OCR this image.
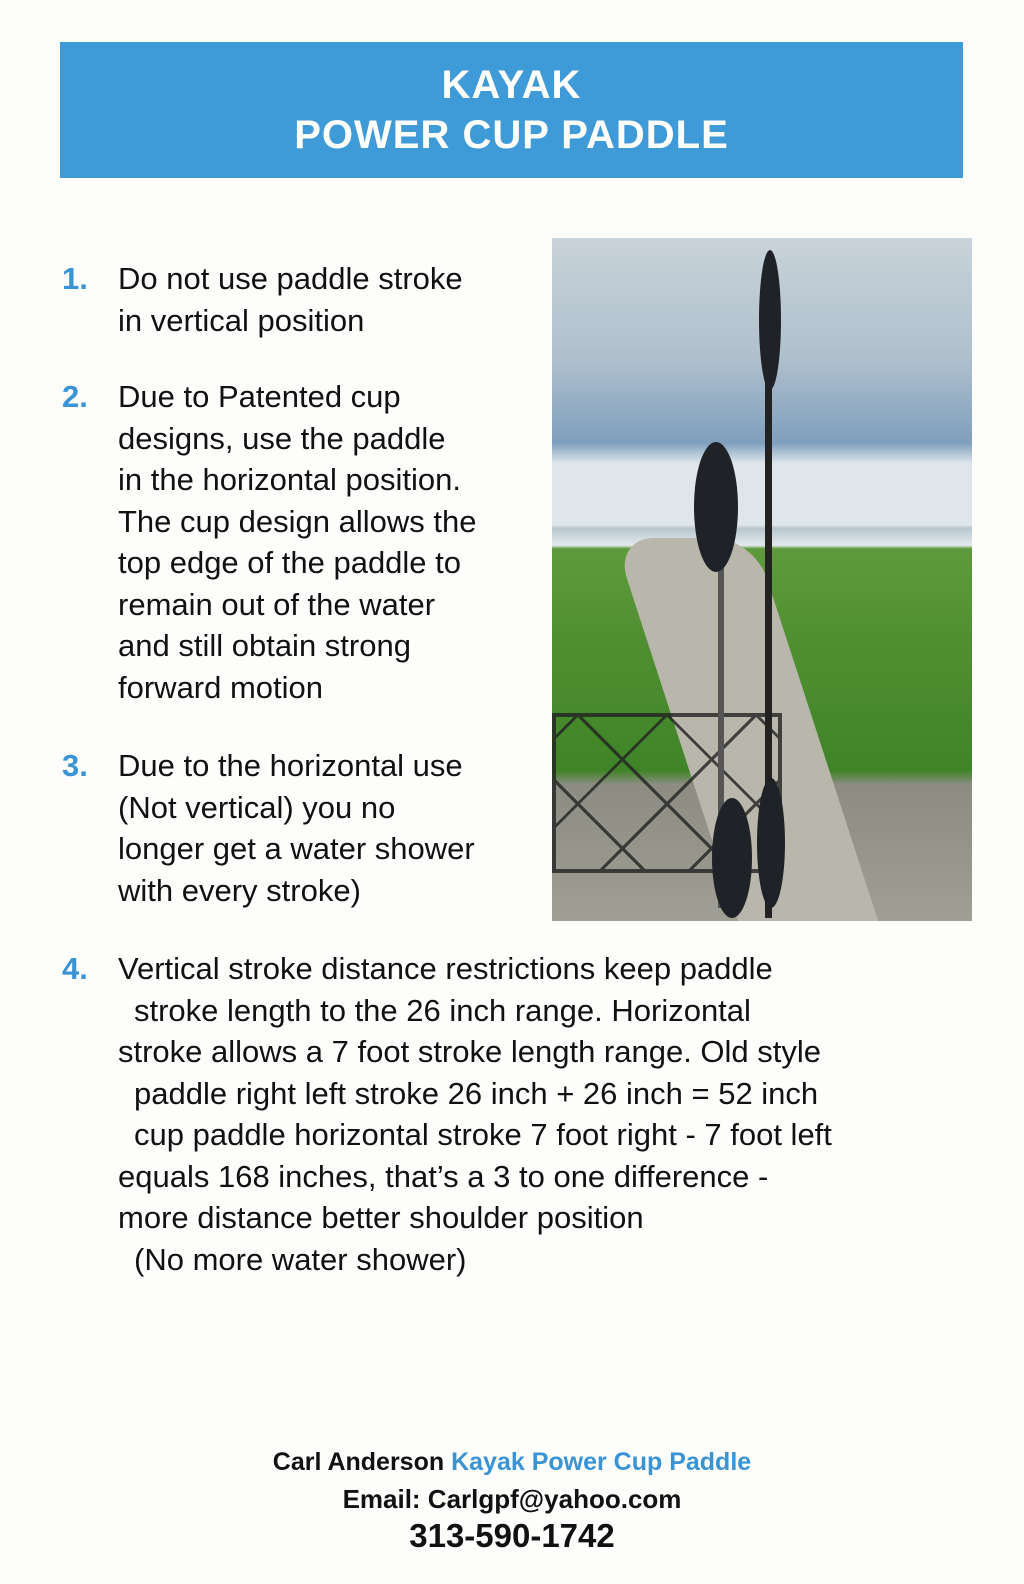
KAYAK
POWER CUP PADDLE
1. Do not use paddle stroke
in vertical position
2. Due to Patented cup
designs, use the paddle
in the horizontal position.
The cup design allows the
top edge of the paddle to
remain out of the water
and still obtain strong
forward motion
3. Due to the horizontal use
(Not vertical) you no
longer get a water shower
with every stroke)
4. Vertical stroke distance restrictions keep paddle
stroke length to the 26 inch range. Horizontal
stroke allows a 7 foot stroke length range. Old style
paddle right left stroke 26 inch + 26 inch = 52 inch
cup paddle horizontal stroke 7 foot right - 7 foot left
equals 168 inches, that’s a 3 to one difference -
more distance better shoulder position
(No more water shower)
Carl Anderson Kayak Power Cup Paddle
Email: Carlgpf@yahoo.com
313-590-1742
